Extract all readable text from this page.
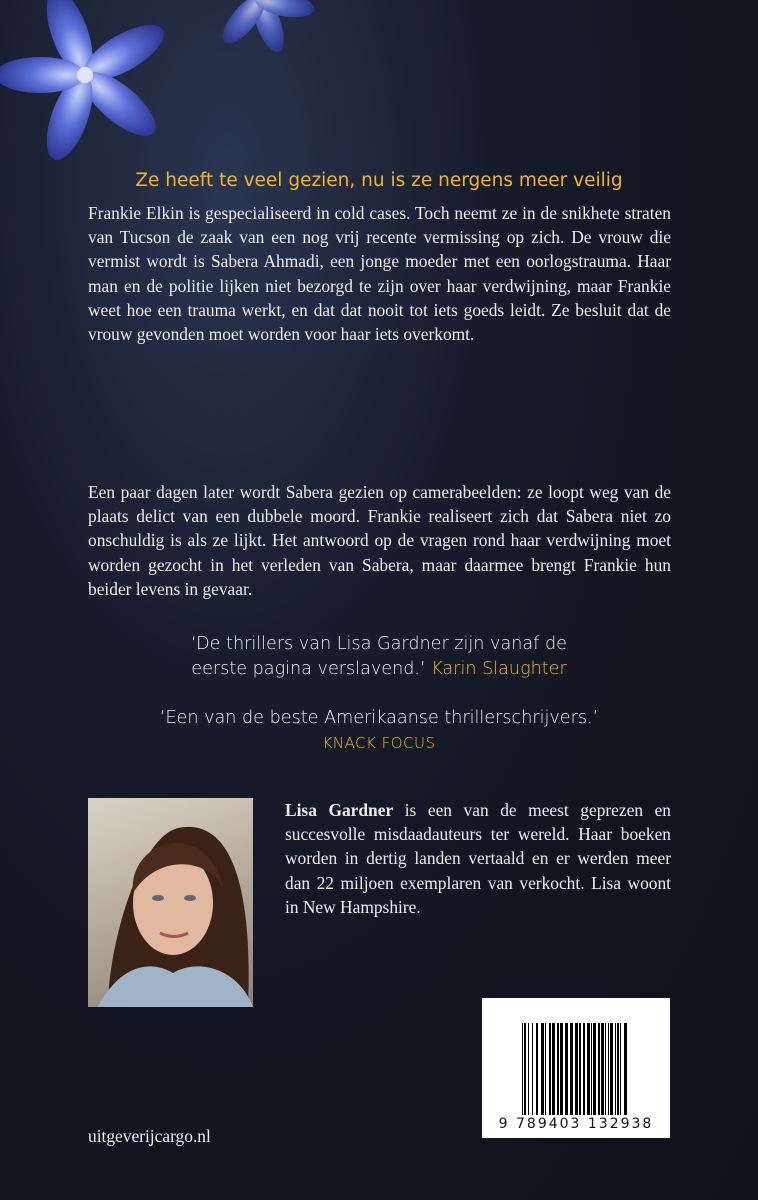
Ze heeft te veel gezien, nu is ze nergens meer veilig

Frankie Elkin is gespecialiseerd in cold cases. Toch neemt ze in de snikhete straten van Tucson de zaak van een nog vrij recente vermissing op zich. De vrouw die vermist wordt is Sabera Ahmadi, een jonge moeder met een oorlogstrauma. Haar man en de politie lijken niet bezorgd te zijn over haar verdwijning, maar Frankie weet hoe een trauma werkt, en dat dat nooit tot iets goeds leidt. Ze besluit dat de vrouw gevonden moet worden voor haar iets overkomt.

Een paar dagen later wordt Sabera gezien op camerabeelden: ze loopt weg van de plaats delict van een dubbele moord. Frankie realiseert zich dat Sabera niet zo onschuldig is als ze lijkt. Het antwoord op de vragen rond haar verdwijning moet worden gezocht in het verleden van Sabera, maar daarmee brengt Frankie hun beider levens in gevaar.

‘De thrillers van Lisa Gardner zijn vanaf de eerste pagina verslavend.’ Karin Slaughter
‘Een van de beste Amerikaanse thrillerschrijvers.’
KNACK FOCUS

Lisa Gardner is een van de meest geprezen en succesvolle misdaadauteurs ter wereld. Haar boeken worden in dertig landen vertaald en er werden meer dan 22 miljoen exemplaren van verkocht. Lisa woont in New Hampshire.

9 789403 132938
uitgeverijcargo.nl
